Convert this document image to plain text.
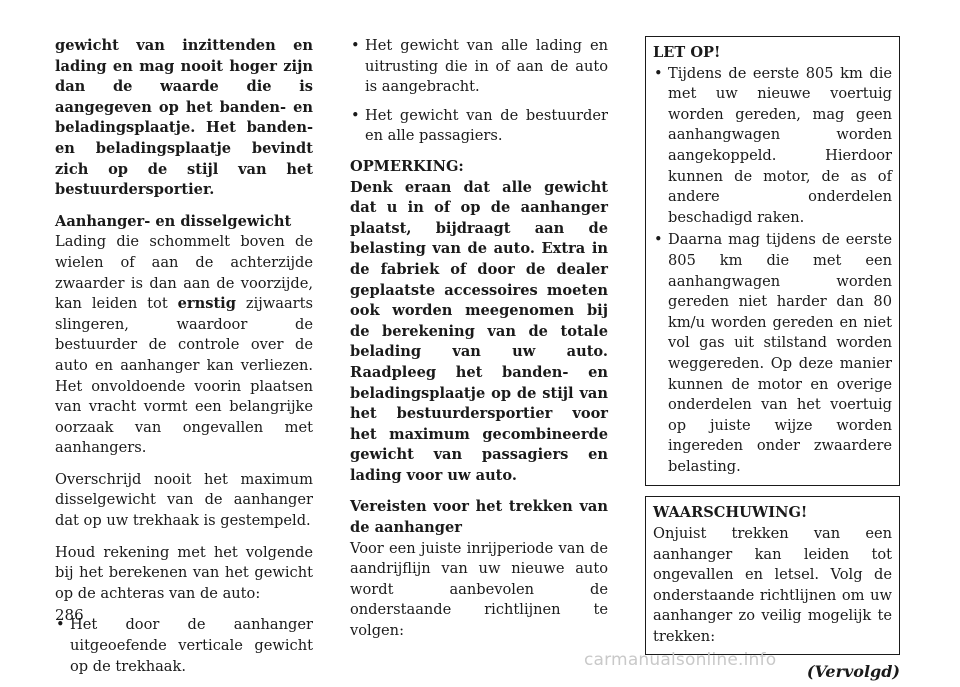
gewicht van inzittenden en lading en mag nooit hoger zijn dan de waarde die is aangegeven op het banden- en beladingsplaatje. Het banden- en beladingsplaatje bevindt zich op de stijl van het bestuurdersportier.

Aanhanger- en disselgewicht

Lading die schommelt boven de wielen of aan de achterzijde zwaarder is dan aan de voorzijde, kan leiden tot ernstig zijwaarts slingeren, waardoor de bestuurder de controle over de auto en aanhanger kan verliezen. Het onvoldoende voorin plaatsen van vracht vormt een belangrijke oorzaak van ongevallen met aanhangers.

Overschrijd nooit het maximum disselgewicht van de aanhanger dat op uw trekhaak is gestempeld.

Houd rekening met het volgende bij het berekenen van het gewicht op de achteras van de auto:

• Het door de aanhanger uitgeoefende verticale gewicht op de trekhaak.
• Het gewicht van alle lading en uitrusting die in of aan de auto is aangebracht.
• Het gewicht van de bestuurder en alle passagiers.

OPMERKING:

Denk eraan dat alle gewicht dat u in of op de aanhanger plaatst, bijdraagt aan de belasting van de auto. Extra in de fabriek of door de dealer geplaatste accessoires moeten ook worden meegenomen bij de berekening van de totale belading van uw auto. Raadpleeg het banden- en beladingsplaatje op de stijl van het bestuurdersportier voor het maximum gecombineerde gewicht van passagiers en lading voor uw auto.

Vereisten voor het trekken van de aanhanger

Voor een juiste inrijperiode van de aandrijflijn van uw nieuwe auto wordt aanbevolen de onderstaande richtlijnen te volgen:

LET OP!

• Tijdens de eerste 805 km die met uw nieuwe voertuig worden gereden, mag geen aanhangwagen worden aangekoppeld. Hierdoor kunnen de motor, de as of andere onderdelen beschadigd raken.
• Daarna mag tijdens de eerste 805 km die met een aanhangwagen worden gereden niet harder dan 80 km/u worden gereden en niet vol gas uit stilstand worden weggereden. Op deze manier kunnen de motor en overige onderdelen van het voertuig op juiste wijze worden ingereden onder zwaardere belasting.

WAARSCHUWING!

Onjuist trekken van een aanhanger kan leiden tot ongevallen en letsel. Volg de onderstaande richtlijnen om uw aanhanger zo veilig mogelijk te trekken:

(Vervolgd)
286
carmanualsonline.info
